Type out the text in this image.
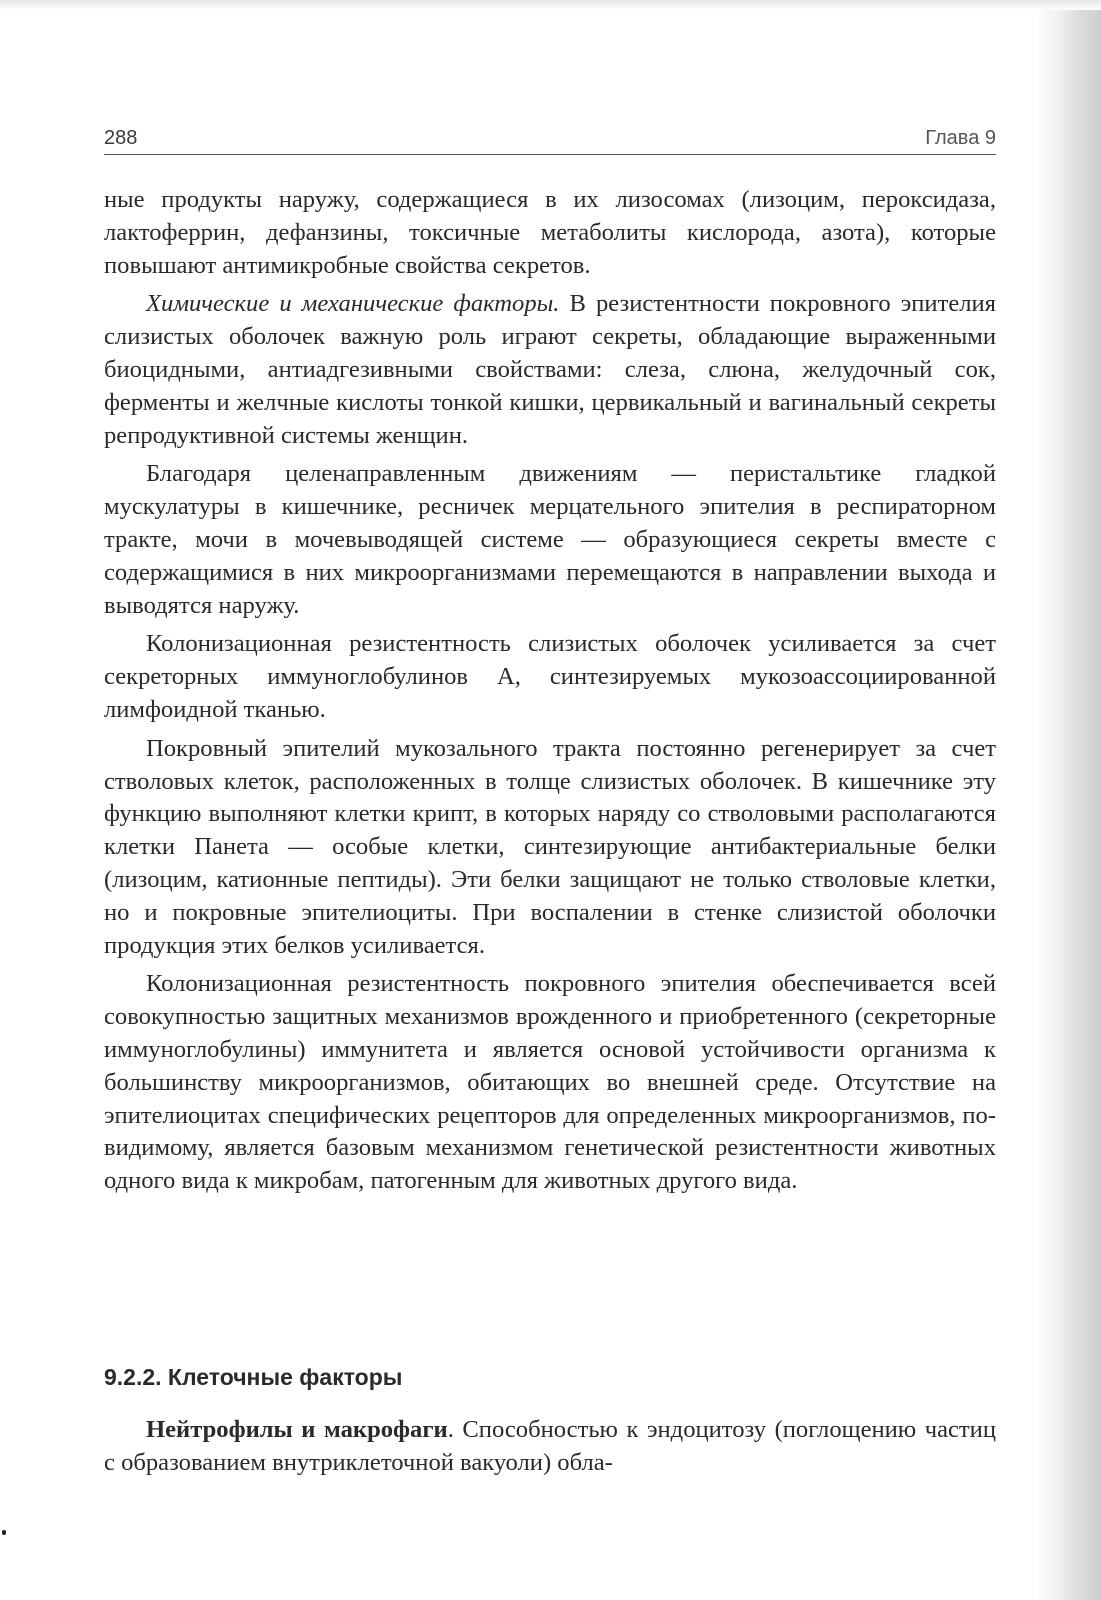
288	Глава 9

ные продукты наружу, содержащиеся в их лизосомах (лизоцим, пероксидаза, лактоферрин, дефанзины, токсичные метаболиты кислорода, азота), которые повышают антимикробные свойства секретов.

Химические и механические факторы. В резистентности покровного эпителия слизистых оболочек важную роль играют секреты, обладающие выраженными биоцидными, антиадгезивными свойствами: слеза, слюна, желудочный сок, ферменты и желчные кислоты тонкой кишки, цервикальный и вагинальный секреты репродуктивной системы женщин.

Благодаря целенаправленным движениям — перистальтике гладкой мускулатуры в кишечнике, ресничек мерцательного эпителия в респираторном тракте, мочи в мочевыводящей системе — образующиеся секреты вместе с содержащимися в них микроорганизмами перемещаются в направлении выхода и выводятся наружу.

Колонизационная резистентность слизистых оболочек усиливается за счет секреторных иммуноглобулинов А, синтезируемых мукозоассоциированной лимфоидной тканью.

Покровный эпителий мукозального тракта постоянно регенерирует за счет стволовых клеток, расположенных в толще слизистых оболочек. В кишечнике эту функцию выполняют клетки крипт, в которых наряду со стволовыми располагаются клетки Панета — особые клетки, синтезирующие антибактериальные белки (лизоцим, катионные пептиды). Эти белки защищают не только стволовые клетки, но и покровные эпителиоциты. При воспалении в стенке слизистой оболочки продукция этих белков усиливается.

Колонизационная резистентность покровного эпителия обеспечивается всей совокупностью защитных механизмов врожденного и приобретенного (секреторные иммуноглобулины) иммунитета и является основой устойчивости организма к большинству микроорганизмов, обитающих во внешней среде. Отсутствие на эпителиоцитах специфических рецепторов для определенных микроорганизмов, по-видимому, является базовым механизмом генетической резистентности животных одного вида к микробам, патогенным для животных другого вида.

9.2.2. Клеточные факторы

Нейтрофилы и макрофаги. Способностью к эндоцитозу (поглощению частиц с образованием внутриклеточной вакуоли) обла-
